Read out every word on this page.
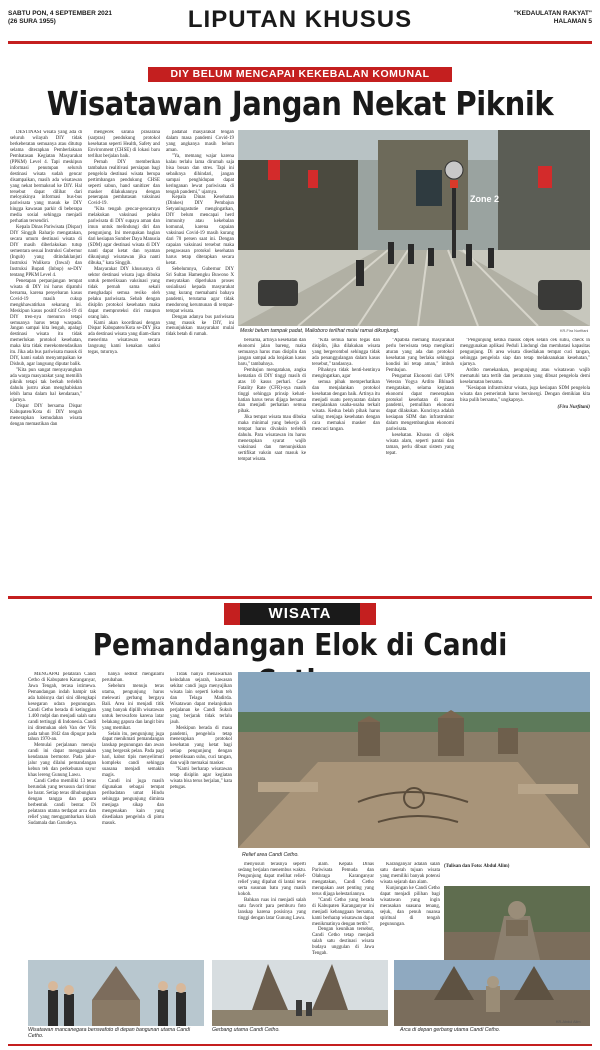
SABTU PON, 4 SEPTEMBER 2021
(26 SURA 1955)	LIPUTAN KHUSUS	"KEDAULATAN RAKYAT"
HALAMAN 5
DIY BELUM MENCAPAI KEKEBALAN KOMUNAL
Wisatawan Jangan Nekat Piknik

DESTINASI wisata yang ada di seluruh wilayah DIY tidak berkeberatan semuanya atau ditutup selama diterapkan Pemberlakuan Pembatasan Kegiatan Masyarakat (PPKM) Level 4. Tapi meskipun informasi penutupan seluruh destinasi wisata sudah gencar disampaikan, masih ada wisatawan yang nekat bermaksud ke DIY. Hal tersebut dapat dilihat dari meloyakinya informasi bus-bus pariwisata yang masuk ke DIY hingga kawasan parkir di beberapa media sosial sehingga menjadi perhatian tersendiri.

Kepala Dinas Pariwisata (Dispar) DIY Singgih Raharjo mengatakan, secara umum destinasi wisata di DIY masih diberlakukan tutup sementara sesuai Instruksi Gubernur (Ingub) yang ditindaklanjuti Instruksi Walikota (Inwal) dan Instruksi Bupati (Inbup) se-DIY tentang PPKM Level 4.

Penetapan perpanjangan tempat wisata di DIY ini harus dipatuhi bersama, karena penyebaran kasus Covid-19 masih cukup mengkhawatirkan sekarang ini. Meskipun kasus positif Covid-19 di DIY tren-nya menurun tetapi semuanya harus tetap waspada. Jangan sampai kita lengah, apalagi destinasi wisata itu tidak memerlukan protokol kesehatan, maka kita tidak merekomendasikan itu. Jika ada bus pariwisata masuk di DIY, kami sudah menyampaikan ke Dishub, agar langsung diputar balik.

"Kita pun sangat menyayangkan ada warga masyarakat yang memilih piknik tetapi tak berkah terlebih dahulu justru akan menghabiskan lebih lama dalam hal kendaraan," ujarnya.

Dispar DIY bersama Dispar Kabupaten/Kota di DIY tengah menerapkan kemudahan wisata dengan memastikan dan

mengecek sarana prasarana (sarpras) pendukung protokol kesehatan seperti Health, Safety and Environment (CHSE) di lokasi baru terlihat berjalan baik.

Pernah DIY memberikan tambahan realitivasi persiapan bagi pengelola destinasi wisata berupa pertimbangan pendukung CHSE seperti sabun, hand sanitizer dan masker dilakukannya dengan penerapan pembatasan vaksinasi Covid-19.

"Kita tengah gencar-gencarnya melakukan vaksinasi pelaku pariwisata di DIY supaya aman dan imun untuk melindungi diri dan pengunjung. Ini merupakan bagian dari kesiapan Sumber Daya Manusia (SDM) agar destinasi wisata di DIY nanti dapat ketat dan nyaman dikunjungi wisatawan jika nanti dibuka," kata Singgih.

Masyarakat DIY khususnya di sektor destinasi wisata juga dibuka untuk pemeriksaan vaksinasi yang tidak pernah sama sekali menghadapi semua resiko oleh pelaku pariwisata. Sebab dengan disiplin protokol kesehatan maka dapat memproteksi diri maupun orang lain.

Kami akan koordinasi dengan Dispar Kabupaten/Kota se-DIY jika ada destinasi wisata yang diam-diam menerima wisatawan secara langsung kami kenakan sanksi tegas, tuturnya.

padahal masyarakat tengah dalam masa pandemi Covid-19 yang angkanya masih belum aman.

"Ya, memang wajar karena kalau terlalu lama dirumah saja bisa bosan dan stres. Tapi ini sebaiknya dihindari, jangan sampai penghidupan dapat keringanan lewat pariwisata di tengah pandemi," ujarnya.

Kepala Dinas Kesehatan (Dinkes) DIY Pembajun Setyaningastutie mengingatkan, DIY belum mencapai herd immunity atau kekebalan komunal, karena capaian vaksinasi Covid-19 masih kurang dari 70 persen saat ini. Dengan capaian vaksinasi tersebut maka pengawasan protokol kesehatan harus tetap diterapkan secara ketat.

Sebelumnya, Gubernur DIY Sri Sultan Hamengku Buwono X menyatakan diperlukan proses sosialisasi kepada masyarakat yang kurang memahami bahaya pandemi, terutama agar tidak mendorong kerumunan di tempat-tempat wisata.

Dengan adanya bus pariwisata yang masuk ke DIY, ini menunjukkan masyarakat mulai tidak betah di rumah.

Zone 2
Meski belum tampak padat, Malioboro terlihat mulai ramai dikunjungi.	KR-Fira Nurfitani

bersama, artinya kesehatan dan ekonomi jalan bareng, maka semuanya harus mau disiplin dan jangan sampai ada lonjakan kasus baru," tambahnya.

Pembajun mengatakan, angka kematian di DIY tinggi masih di atas 10 kasus perhari. Case Fatality Rate (CFR)-nya masih tinggi sehingga prinsip kehati-hatian harus terus dijaga bersama dan menjadi perhatian semua pihak.

Jika tempat wisata mau dibuka maka minimal yang bekerja di tempat harus divaksin terlebih dahulu. Para wisatawan itu harus menerapkan syarat wajib vaksinasi dan menunjukkan sertifikat vaksin saat masuk ke tempat wisata.

"Kita semua harus tegas dan disiplin, jika dilakukan wisata yang bergerombol sehingga tidak ada penanggulangan dalam kasus tersebut," tandasnya.

Pihaknya tidak henti-hentinya mengingatkan, agar

semua pihak memperhatikan dan menjalankan protokol kesehatan dengan baik. Artinya itu menjadi suatu persyaratan dalam menjalankan usaha-usaha terkait wisata. Kedua belah pihak harus saling menjaga kesehatan dengan cara memakai masker dan mencuci tangan.

"Apabila memang masyarakat perlu berwisata tetap mengikuti aturan yang ada dan protokol kesehatan yang berlaku sehingga kondisi ini tetap aman," imbuh Pembajun.

Pengamat Ekonomi dari UPN Veteran Yogya Ardito Bhinadi mengatakan, selama kegiatan ekonomi dapat menerapkan protokol kesehatan di masa pandemi, pemulihan ekonomi dapat dilakukan. Kuncinya adalah kesiapan SDM dan infrastruktur dalam mengembangkan ekonomi pariwisata.

kesehatan. Khusus di objek wisata alam, seperti pantai dan taman, perlu dibuat sistem yang tepat.

"Pengunjung ketika masuk objek selain cek suhu, check in menggunakan aplikasi Peduli Lindungi dan membatasi kapasitas pengunjung. Di area wisata disediakan tempat cuci tangan, sehingga pengelola siap dan tetap melaksanakan kesehatan," ujarnya.

Ardito menekankan, pengunjung atau wisatawan wajib mematuhi tata tertib dan peraturan yang dibuat pengelola demi keselamatan bersama.

"Kesiapan infrastruktur wisata, juga kesiapan SDM pengelola wisata dan pemerintah harus bersinergi. Dengan demikian kita bisa pulih bersama," ungkapnya.

(Fira Nurfitani)
WISATA
Pemandangan Elok di Candi

MENGAPAI pelataran Candi Cetho di Kabupaten Karanganyar, Jawa Tengah, terasa istimewa. Pemandangan indah hampir tak ada habisnya dari sini dilengkapi kesegaran udara pegunungan. Candi Cetho berada di ketinggian 1.400 mdpl dan menjadi salah satu candi tertinggi di Indonesia. Candi ini ditemukan oleh Van der Vlis pada tahun 1842 dan dipugar pada tahun 1970-an.

Memulai perjalanan menuju candi ini dapat menggunakan kendaraan bermotor. Pada jalur-jalur yang dilalui pemandangan kebun teh dan perkebunan sayur khas lereng Gunung Lawu.

Candi Cetho memiliki 13 teras berundak yang tersusun dari timur ke barat. Setiap teras dihubungkan dengan tangga dan gapura berbentuk candi bentar. Di pelataran utama terdapat arca dan relief yang menggambarkan kisah Sudamala dan Garudeya.

hanya sedikit mengalami perubahan.

Sebelum menuju teras utama, pengunjung harus melewati gerbang bergaya Bali. Area ini menjadi titik yang banyak dipilih wisatawan untuk berswafoto karena latar belakang gapura dan langit biru yang memikat.

Selain itu, pengunjung juga dapat menikmati pemandangan lanskap pegunungan dan awan yang bergerak pelan. Pada pagi hari, kabut tipis menyelimuti kompleks candi sehingga suasana menjadi semakin magis.

Candi ini juga masih digunakan sebagai tempat peribadatan umat Hindu sehingga pengunjung diminta menjaga sikap dan mengenakan kain yang disediakan pengelola di pintu masuk.

Tidak hanya menawarkan keindahan sejarah, kawasan sekitar candi juga menyajikan wisata lain seperti kebun teh dan Telaga Madirda. Wisatawan dapat melanjutkan perjalanan ke Candi Sukuh yang berjarak tidak terlalu jauh.

Meskipun berada di masa pandemi, pengelola tetap menerapkan protokol kesehatan yang ketat bagi setiap pengunjung dengan pemeriksaan suhu, cuci tangan, dan wajib memakai masker.

"Kami berharap wisatawan tetap disiplin agar kegiatan wisata bisa terus berjalan," kata petugas.

Relief area Candi Cetho.

menyusuri terasnya seperti sedang berjalan menembus waktu. Pengunjung dapat melihat relief-relief yang dipahat di lantai teras serta susunan batu yang masih kokoh.

Bahkan ruas ini menjadi salah satu favorit para pemburu foto lanskap karena posisinya yang tinggi dengan latar Gunung Lawu.

alam. Kepala Dinas Pariwisata Pemuda dan Olahraga Karanganyar mengatakan, Candi Cetho merupakan aset penting yang terus dijaga kelestariannya.

"Candi Cetho yang berada di Kabupaten Karanganyar ini menjadi kebanggaan bersama, kami berharap wisatawan dapat menikmatinya dengan tertib."

Dengan keunikan tersebut, Candi Cetho tetap menjadi salah satu destinasi wisata budaya unggulan di Jawa Tengah.

Karanganyar adalah salah satu daerah tujuan wisata yang memiliki banyak potensi wisata sejarah dan alam.

Kunjungan ke Candi Cetho dapat menjadi pilihan bagi wisatawan yang ingin merasakan suasana tenang, sejuk, dan penuh nuansa spiritual di tengah pegunungan.

(Tulisan dan Foto: Abdul Alim)
Wisatawan mancanegara berswafoto di depan bangunan utama Candi Cetho.
Gerbang utama Candi Cetho.	Arca di depan gerbang utama Candi Cetho.
KR-Abdul Alim
